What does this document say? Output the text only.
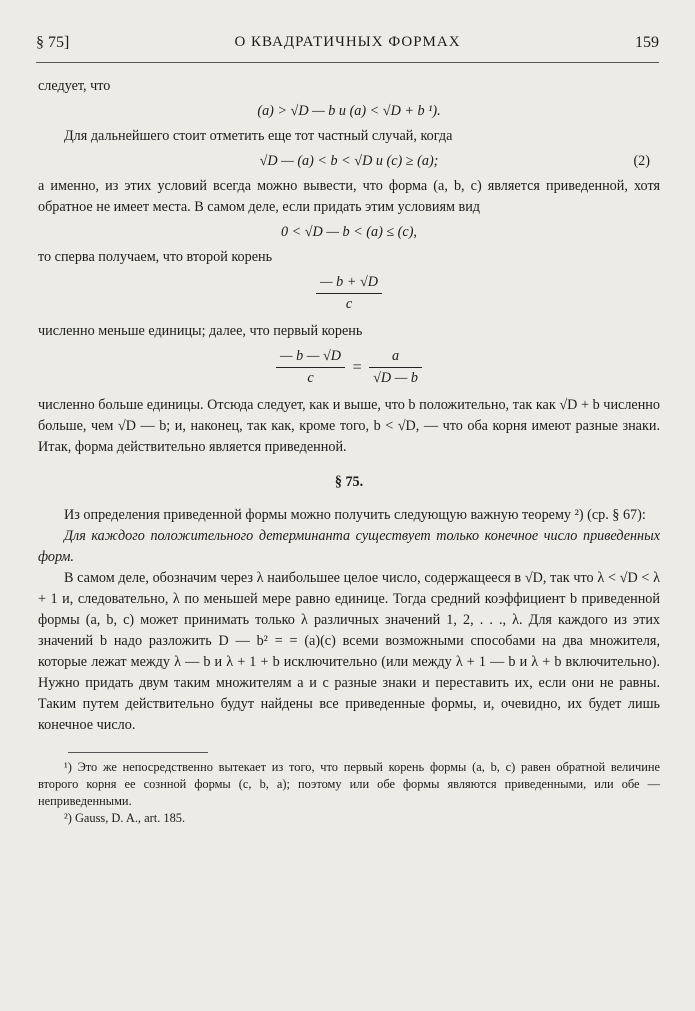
§ 75]	О КВАДРАТИЧНЫХ ФОРМАХ	159

следует, что

(a) > √D — b и (a) < √D + b ¹).

Для дальнейшего стоит отметить еще тот частный случай, когда

√D — (a) < b < √D и (c) ≥ (a);	(2)

а именно, из этих условий всегда можно вывести, что форма (a, b, c) является приведенной, хотя обратное не имеет места. В самом деле, если придать этим условиям вид

0 < √D — b < (a) ≤ (c),

то сперва получаем, что второй корень

$\frac{— b + √D}{c}$

численно меньше единицы; далее, что первый корень

$\frac{— b — √D}{c} = \frac{a}{√D — b}$

численно больше единицы. Отсюда следует, как и выше, что b положительно, так как √D + b численно больше, чем √D — b; и, наконец, так как, кроме того, b < √D, — что оба корня имеют разные знаки. Итак, форма действительно является приведенной.

§ 75.

Из определения приведенной формы можно получить следующую важную теорему ²) (ср. § 67):

Для каждого положительного детерминанта существует только конечное число приведенных форм.

В самом деле, обозначим через λ наибольшее целое число, содержащееся в √D, так что λ < √D < λ + 1 и, следовательно, λ по меньшей мере равно единице. Тогда средний коэффициент b приведенной формы (a, b, c) может принимать только λ различных значений 1, 2, . . ., λ. Для каждого из этих значений b надо разложить D — b² = = (a)(c) всеми возможными способами на два множителя, которые лежат между λ — b и λ + 1 + b исключительно (или между λ + 1 — b и λ + b включительно). Нужно придать двум таким множителям a и c разные знаки и переставить их, если они не равны. Таким путем действительно будут найдены все приведенные формы, и, очевидно, их будет лишь конечное число.

¹) Это же непосредственно вытекает из того, что первый корень формы (a, b, c) равен обратной величине второго корня ее сознной формы (c, b, a); поэтому или обе формы являются приведенными, или обе — неприведенными.

²) Gauss, D. A., art. 185.
